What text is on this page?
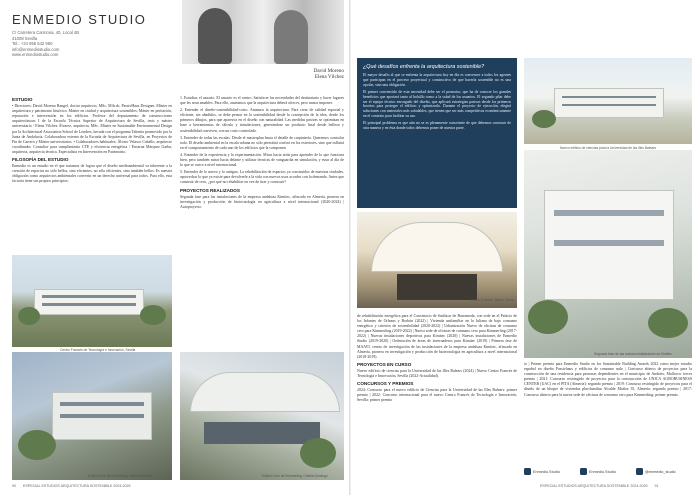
ENMEDIO STUDIO
C/ Carretera Carmona, 40, Local 4B
41008 Sevilla
Tel.: +34 955 542 960
info@enmediostudio.com
www.enmediostudio.com
David Moreno
Elena Vílchez
ESTUDIO

• Directores: David Moreno Rangel, doctor arquitecto, MSc, MArch, PassivHaus Designer. Máster en arquitectura y patrimonio histórico, Máster en ciudad y arquitectura sostenibles; Máster en peritación, reparación e intervención en los edificios. Profesor del departamento de construcciones arquitectónicas I de la Escuela Técnica Superior de Arquitectura de Sevilla, tesis y máster universitario / Elena Vílchez Álvarez, arquitecta, MSc. Máster en Sustainable Environmental Design por la Architectural Association School de Londres, becada con el programa Talentia promovido por la Junta de Andalucía. Colaboradora externa de la Escuela de Arquitectura de Sevilla, en Proyectos de Fin de Carrera y Máster universitarios. • Colaboradores habituales: Álvaro Velasco Caballo, arquitecto coordinador. Consultor para cumplimiento CTE y eficiencia energética / Encarna Márquez Garba, arquitecta, arquitecta técnica. Especialista en Intervención en Patrimonio.

FILOSOFÍA DEL ESTUDIO

Enmedio es un estudio en el que tratamos de lograr que el diseño medioambiental va inherente a la creación de espacios no sólo bellos, sino eficientes, no sólo eficientes, sino también bellos. Es nuestra obligación como arquitectos ambientales convertir en un derecho universal para todos. Para ello, esta factoría tiene sus propios principios:

1. Estudiar, el usuario. El usuario es el centro. Satisfacer las necesidades del destinatario y hacer lugares que les sean amables. Para ello, asumimos que la arquitectura deberá ofrecer, pero nunca imponer.

2. Entender el diseño-sostenibilidad-costo. Amamos la arquitectura. Para crear de calidad espacial y eficiente, sin añadidos, se debe pensar en la sostenibilidad desde la concepción de la idea, desde los primeros dibujos, para que aparezca en el diseño con naturalidad. Las medidas pasivas se optimizan en base a herramientas de cálculo y simulaciones, generándose un producto final desde belleza y sostenibilidad conviven, con un costo controlado.

3. Entender de todas las escalas. Desde el masterplan hasta el detalle de carpintería. Queremos controlar todo. El diseño ambiental en la escala urbana no sólo permitirá confort en los exteriores, sino que influirá en el comportamiento de cada uno de los edificios que la componen.

4. Entender de la experiencia y la experimentación. Mirar hacia atrás para aprender de lo que funciona bien, pero también mirar hacia delante y utilizar técnicas de vanguardia en simulación, y estar al día de lo que se cuece a nivel internacional.

5. Entender de lo nuevo y lo antiguo. La rehabilitación de espacios ya construidos de nuestras ciudades, aprovechar lo que ya existe para devolverle a la vida con nuevos usos acordes con la demanda. Antes que construir de cero, ¿por qué no rehabilitar en vez de tirar y construir?

PROYECTOS REALIZADOS

Segunda fase para las instalaciones de la empresa andaluza Kimitec, afincada en Almería, pionera en investigación y producción de biotecnología en agricultura a nivel internacional (2020-2024) | Autoproyecto

Centro Francés de Tecnología e Innovación, Sevilla
Edificio Gen de Kimmeriing / Antonio Betlén	Edificio Gen de Kimmeriing / Sheila Domingo
90 ESPECIAL ESTUDIOS ARQUITECTURA SOSTENIBLE 2024-2025
¿Qué desafíos enfrenta la arquitectura sostenible?

El mayor desafío al que se enfrenta la arquitectura hoy en día es convencer a todos los agentes que participan en el proceso proyectual y constructivo de que hacerla sostenible no es una opción, sino una obligación.

El primer convencido de esta necesidad debe ser el promotor, que ha de conocer los grandes beneficios que aportará tanto al bolsillo como a la salud de los usuarios. El segundo pilar debe ser el equipo técnico encargado del diseño, que aplicará estrategias pasivas desde los primeros bocetos para proteger el edificio y optimizarlo. Durante el proyecto de ejecución, elegirá soluciones con materiales más saludables, que tienen que ser más competitivas económicamente en el contexto para facilitar su uso.

El principal problema es que aún no se es plenamente consciente de que debemos construir de otra manera y en ésta donde todos debemos poner de nuestra parte.

Nuevo edificio de ciencias para la Universidad de las Illes Balears
Centro Cultural, Jaylan, Sirvia
Segunda fase de las nuevas instalaciones de Kimitec

de rehabilitación energética para el Consistorio de Sanlúcar de Barrameda, con sede en el Palacio de los Infantes de Orleans y Borbón (2022) | Vivienda unifamiliar en la Juliana de bajo consumo energético y criterios de sostenibilidad (2020-2022) | Urbanización Nuevo de oficinas de consumo cero para Kimmerling (2019-2022) | Nueva sede de oficinas de consumo cero para Kimmerling (2017-2022) | Nuevas instalaciones deportivas para Kimitec (2020) | Nuevas instalaciones de Enmedio Studio (2019-2020) | Ordenación de áreas de invernaderos para Kimitec (2019) | Primera fase de MAAVI, centro de investigación de las instalaciones de la empresa andaluza Kimitec, afincada en Almería, pionera en investigación y producción de biotecnología en agricultura a nivel internacional (2018-2019).

PROYECTOS EN CURSO

Nuevo edificio de ciencias para la Universidad de las Illes Balears (2024) | Nuevo Centro Francés de Tecnología e Innovación, Sevilla (2022-Actualidad).

CONCURSOS Y PREMIOS

2024: Concurso para el nuevo edificio de Ciencias para la Universidad de las Illes Balears: primer premio | 2022: Concurso internacional para el nuevo Centro Francés de Tecnología e Innovación, Sevilla: primer premio

io | Primer premio para Enmedio Studio en los Sustainable Building Awards 2022 como mejor estudio español en diseño Passivhaus y edificios de consumo nulo | Concurso abierto de proyectos para la construcción de una residencia para personas dependientes en el municipio de Andratx, Mallorca: tercer premio | 2021: Concurso restringido de proyectos para la construcción de UNICA AGROBUSINESS CENTER (UAC) en el PITA (Almería): segundo premio | 2019: Concurso restringido de proyectos para el diseño de un bloque de viviendas plurifamiliar Alcalde Muñoz 35, Almería: segundo premio | 2017: Concurso abierto para la nueva sede de oficinas de consumo cero para Kimmerling: primer premio.

Enmedio.Studio	Enmedio.Studio	@enmedio_studio
ESPECIAL ESTUDIOS ARQUITECTURA SOSTENIBLE 2024-2025 91
